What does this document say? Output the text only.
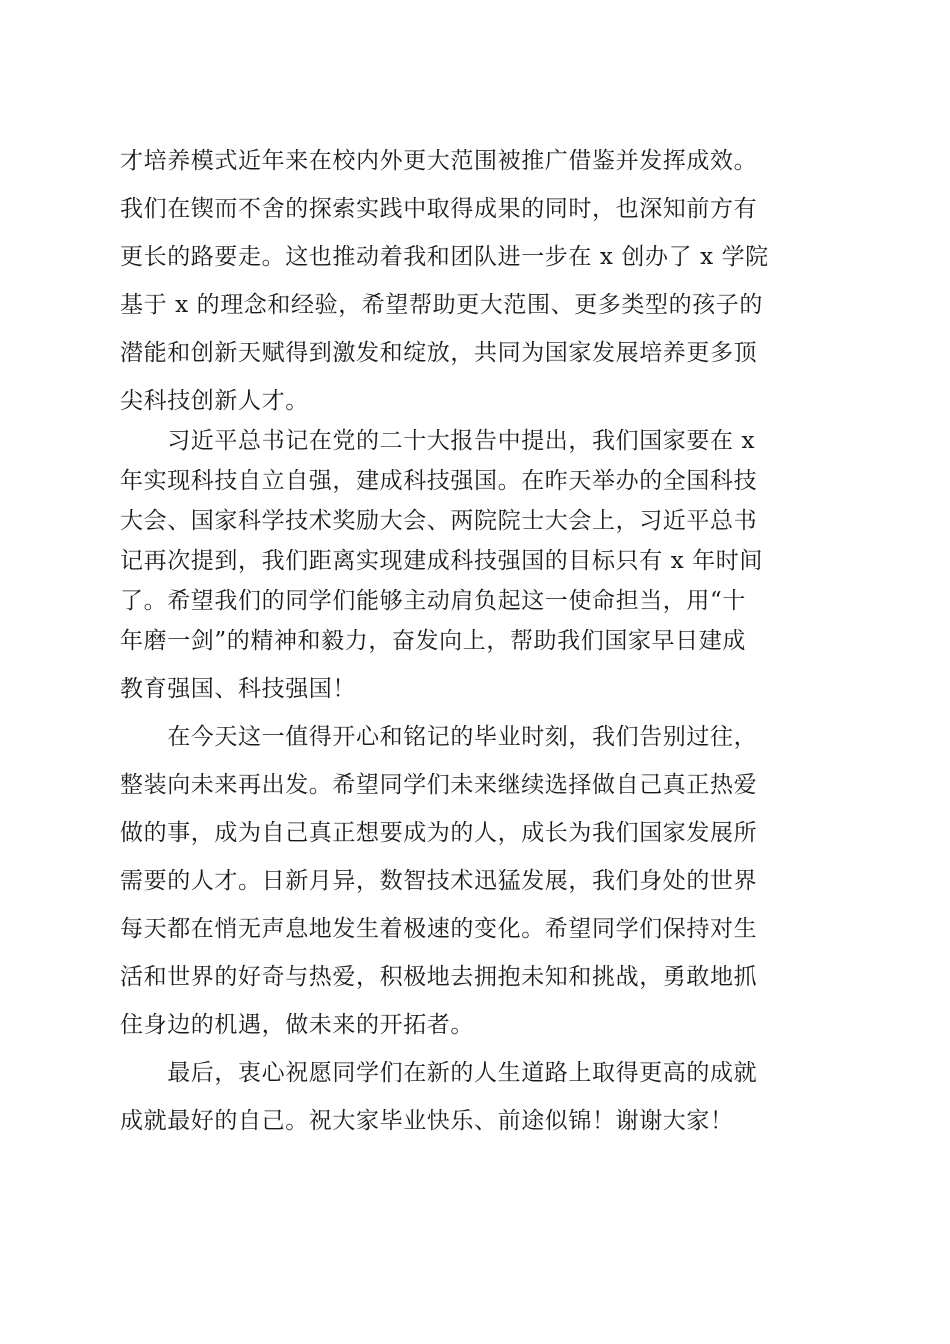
才培养模式近年来在校内外更大范围被推广借鉴并发挥成效。
我们在锲而不舍的探索实践中取得成果的同时，也深知前方有
更长的路要走。这也推动着我和团队进一步在 x 创办了 x 学院
基于 x 的理念和经验，希望帮助更大范围、更多类型的孩子的
潜能和创新天赋得到激发和绽放，共同为国家发展培养更多顶
尖科技创新人才。
　　习近平总书记在党的二十大报告中提出，我们国家要在 x
年实现科技自立自强，建成科技强国。在昨天举办的全国科技
大会、国家科学技术奖励大会、两院院士大会上，习近平总书
记再次提到，我们距离实现建成科技强国的目标只有 x 年时间
了。希望我们的同学们能够主动肩负起这一使命担当，用“十
年磨一剑”的精神和毅力，奋发向上，帮助我们国家早日建成
教育强国、科技强国！
　　在今天这一值得开心和铭记的毕业时刻，我们告别过往，
整装向未来再出发。希望同学们未来继续选择做自己真正热爱
做的事，成为自己真正想要成为的人，成长为我们国家发展所
需要的人才。日新月异，数智技术迅猛发展，我们身处的世界
每天都在悄无声息地发生着极速的变化。希望同学们保持对生
活和世界的好奇与热爱，积极地去拥抱未知和挑战，勇敢地抓
住身边的机遇，做未来的开拓者。
　　最后，衷心祝愿同学们在新的人生道路上取得更高的成就
成就最好的自己。祝大家毕业快乐、前途似锦！谢谢大家！
